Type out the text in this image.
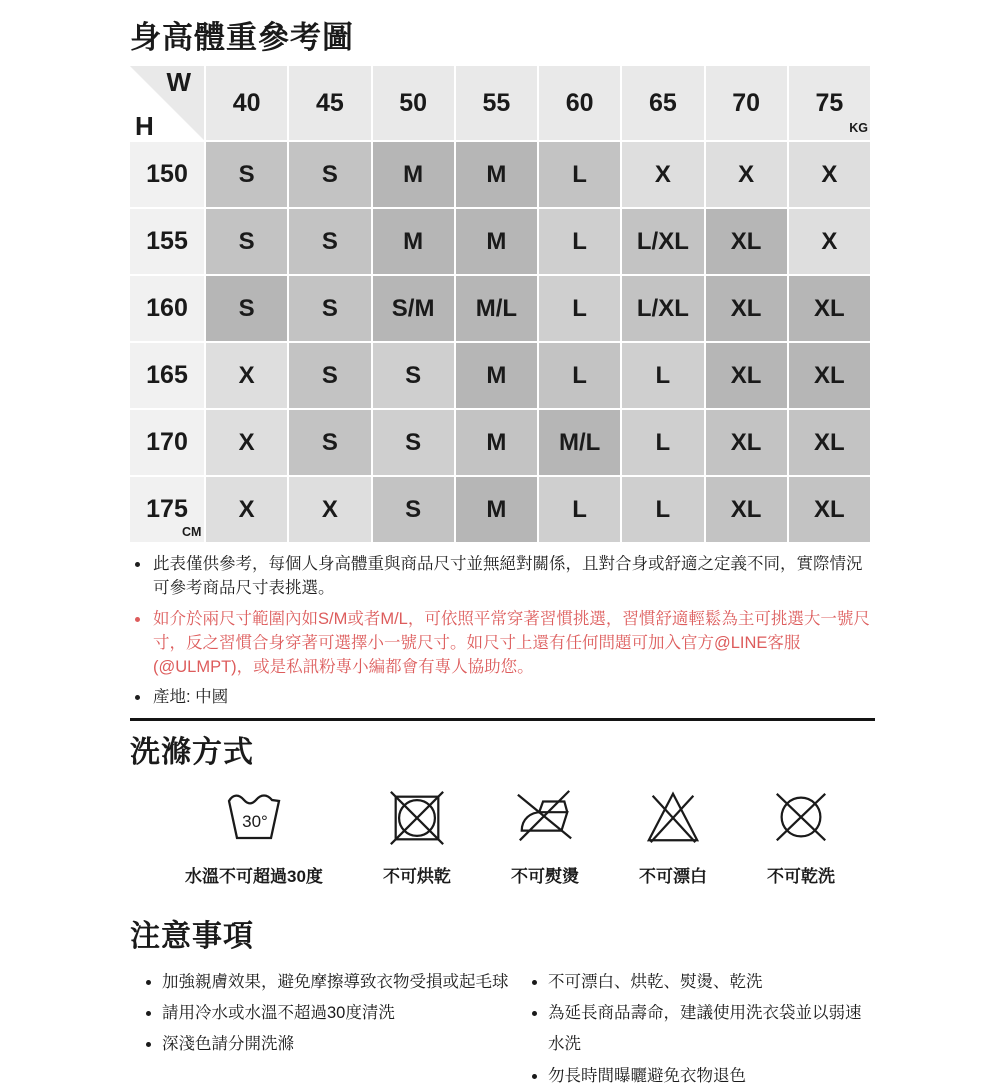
身高體重參考圖
W
H
40	45	50	55	60	65	70	75
150	S	S	M	M	L	X	X	X
155	S	S	M	M	L	L/XL	XL	X
160	S	S	S/M	M/L	L	L/XL	XL	XL
165	X	S	S	M	L	L	XL	XL
170	X	S	S	M	M/L	L	XL	XL
175	X	X	S	M	L	L	XL	XL
KG
CM
此表僅供參考，每個人身高體重與商品尺寸並無絕對關係，且對合身或舒適之定義不同，實際情況可參考商品尺寸表挑選。
如介於兩尺寸範圍內如S/M或者M/L，可依照平常穿著習慣挑選，習慣舒適輕鬆為主可挑選大一號尺寸，反之習慣合身穿著可選擇小一號尺寸。如尺寸上還有任何問題可加入官方@LINE客服(@ULMPT)，或是私訊粉專小編都會有專人協助您。
產地: 中國
洗滌方式
30°
水溫不可超過30度	不可烘乾	不可熨燙	不可漂白	不可乾洗
注意事項
加強親膚效果，避免摩擦導致衣物受損或起毛球
請用冷水或水溫不超過30度清洗
深淺色請分開洗滌
不可漂白、烘乾、熨燙、乾洗
為延長商品壽命，建議使用洗衣袋並以弱速水洗
勿長時間曝曬避免衣物退色
